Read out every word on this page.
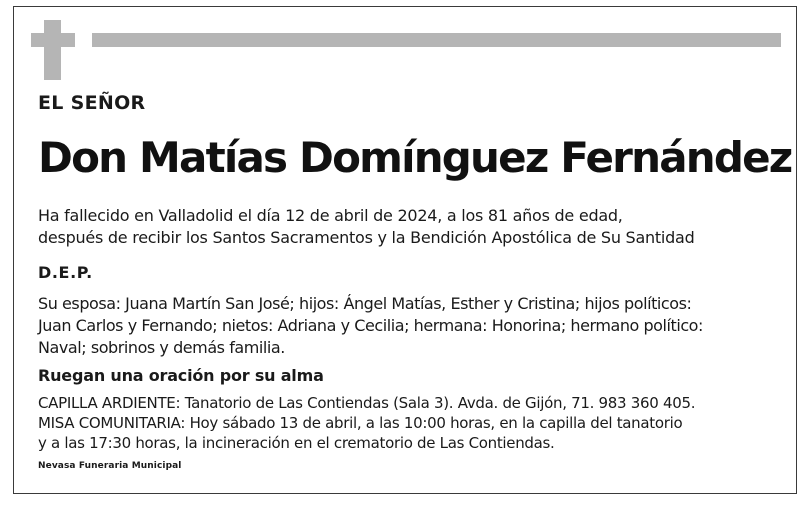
EL SEÑOR
Don Matías Domínguez Fernández
Ha fallecido en Valladolid el día 12 de abril de 2024, a los 81 años de edad,
después de recibir los Santos Sacramentos y la Bendición Apostólica de Su Santidad
D.E.P.
Su esposa: Juana Martín San José; hijos: Ángel Matías, Esther y Cristina; hijos políticos:
Juan Carlos y Fernando; nietos: Adriana y Cecilia; hermana: Honorina; hermano político:
Naval; sobrinos y demás familia.
Ruegan una oración por su alma
CAPILLA ARDIENTE: Tanatorio de Las Contiendas (Sala 3). Avda. de Gijón, 71. 983 360 405.
MISA COMUNITARIA: Hoy sábado 13 de abril, a las 10:00 horas, en la capilla del tanatorio
y a las 17:30 horas, la incineración en el crematorio de Las Contiendas.
Nevasa Funeraria Municipal
